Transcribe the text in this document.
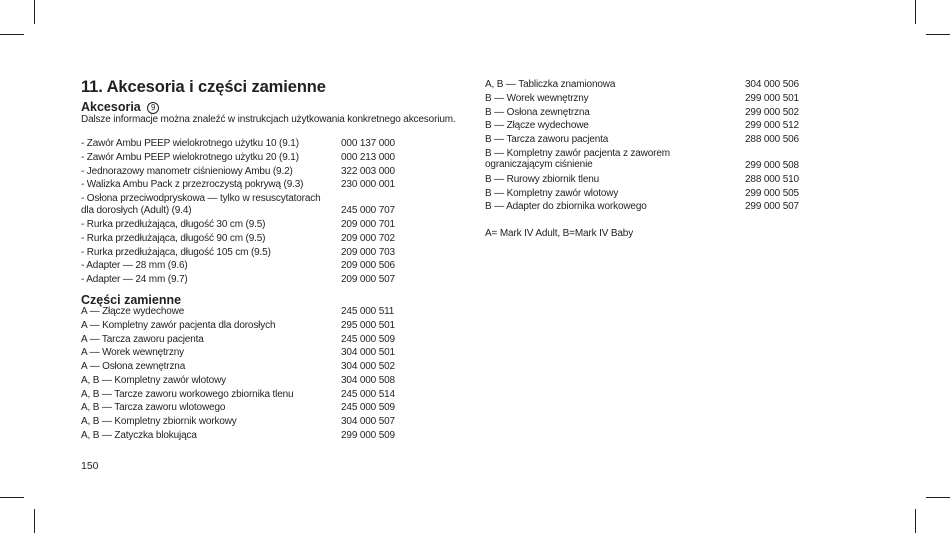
11. Akcesoria i części zamienne
Akcesoria 9
Dalsze informacje można znaleźć w instrukcjach użytkowania konkretnego akcesorium.
- Zawór Ambu PEEP wielokrotnego użytku 10 (9.1)	000 137 000
- Zawór Ambu PEEP wielokrotnego użytku 20 (9.1)	000 213 000
- Jednorazowy manometr ciśnieniowy Ambu (9.2)	322 003 000
- Walizka Ambu Pack z przezroczystą pokrywą (9.3)	230 000 001
- Osłona przeciwodpryskowa — tylko w resuscytatorach
dla dorosłych (Adult) (9.4)	245 000 707
- Rurka przedłużająca, długość 30 cm (9.5)	209 000 701
- Rurka przedłużająca, długość 90 cm (9.5)	209 000 702
- Rurka przedłużająca, długość 105 cm (9.5)	209 000 703
- Adapter — 28 mm (9.6)	209 000 506
- Adapter — 24 mm (9.7)	209 000 507
Części zamienne
A — Złącze wydechowe	245 000 511
A — Kompletny zawór pacjenta dla dorosłych	295 000 501
A — Tarcza zaworu pacjenta	245 000 509
A — Worek wewnętrzny	304 000 501
A — Osłona zewnętrzna	304 000 502
A, B — Kompletny zawór wlotowy	304 000 508
A, B — Tarcze zaworu workowego zbiornika tlenu	245 000 514
A, B — Tarcza zaworu wlotowego	245 000 509
A, B — Kompletny zbiornik workowy	304 000 507
A, B — Zatyczka blokująca	299 000 509
A, B — Tabliczka znamionowa	304 000 506
B — Worek wewnętrzny	299 000 501
B — Osłona zewnętrzna	299 000 502
B — Złącze wydechowe	299 000 512
B — Tarcza zaworu pacjenta	288 000 506
B — Kompletny zawór pacjenta z zaworem
ograniczającym ciśnienie	299 000 508
B — Rurowy zbiornik tlenu	288 000 510
B — Kompletny zawór wlotowy	299 000 505
B — Adapter do zbiornika workowego	299 000 507
A= Mark IV Adult, B=Mark IV Baby
150
